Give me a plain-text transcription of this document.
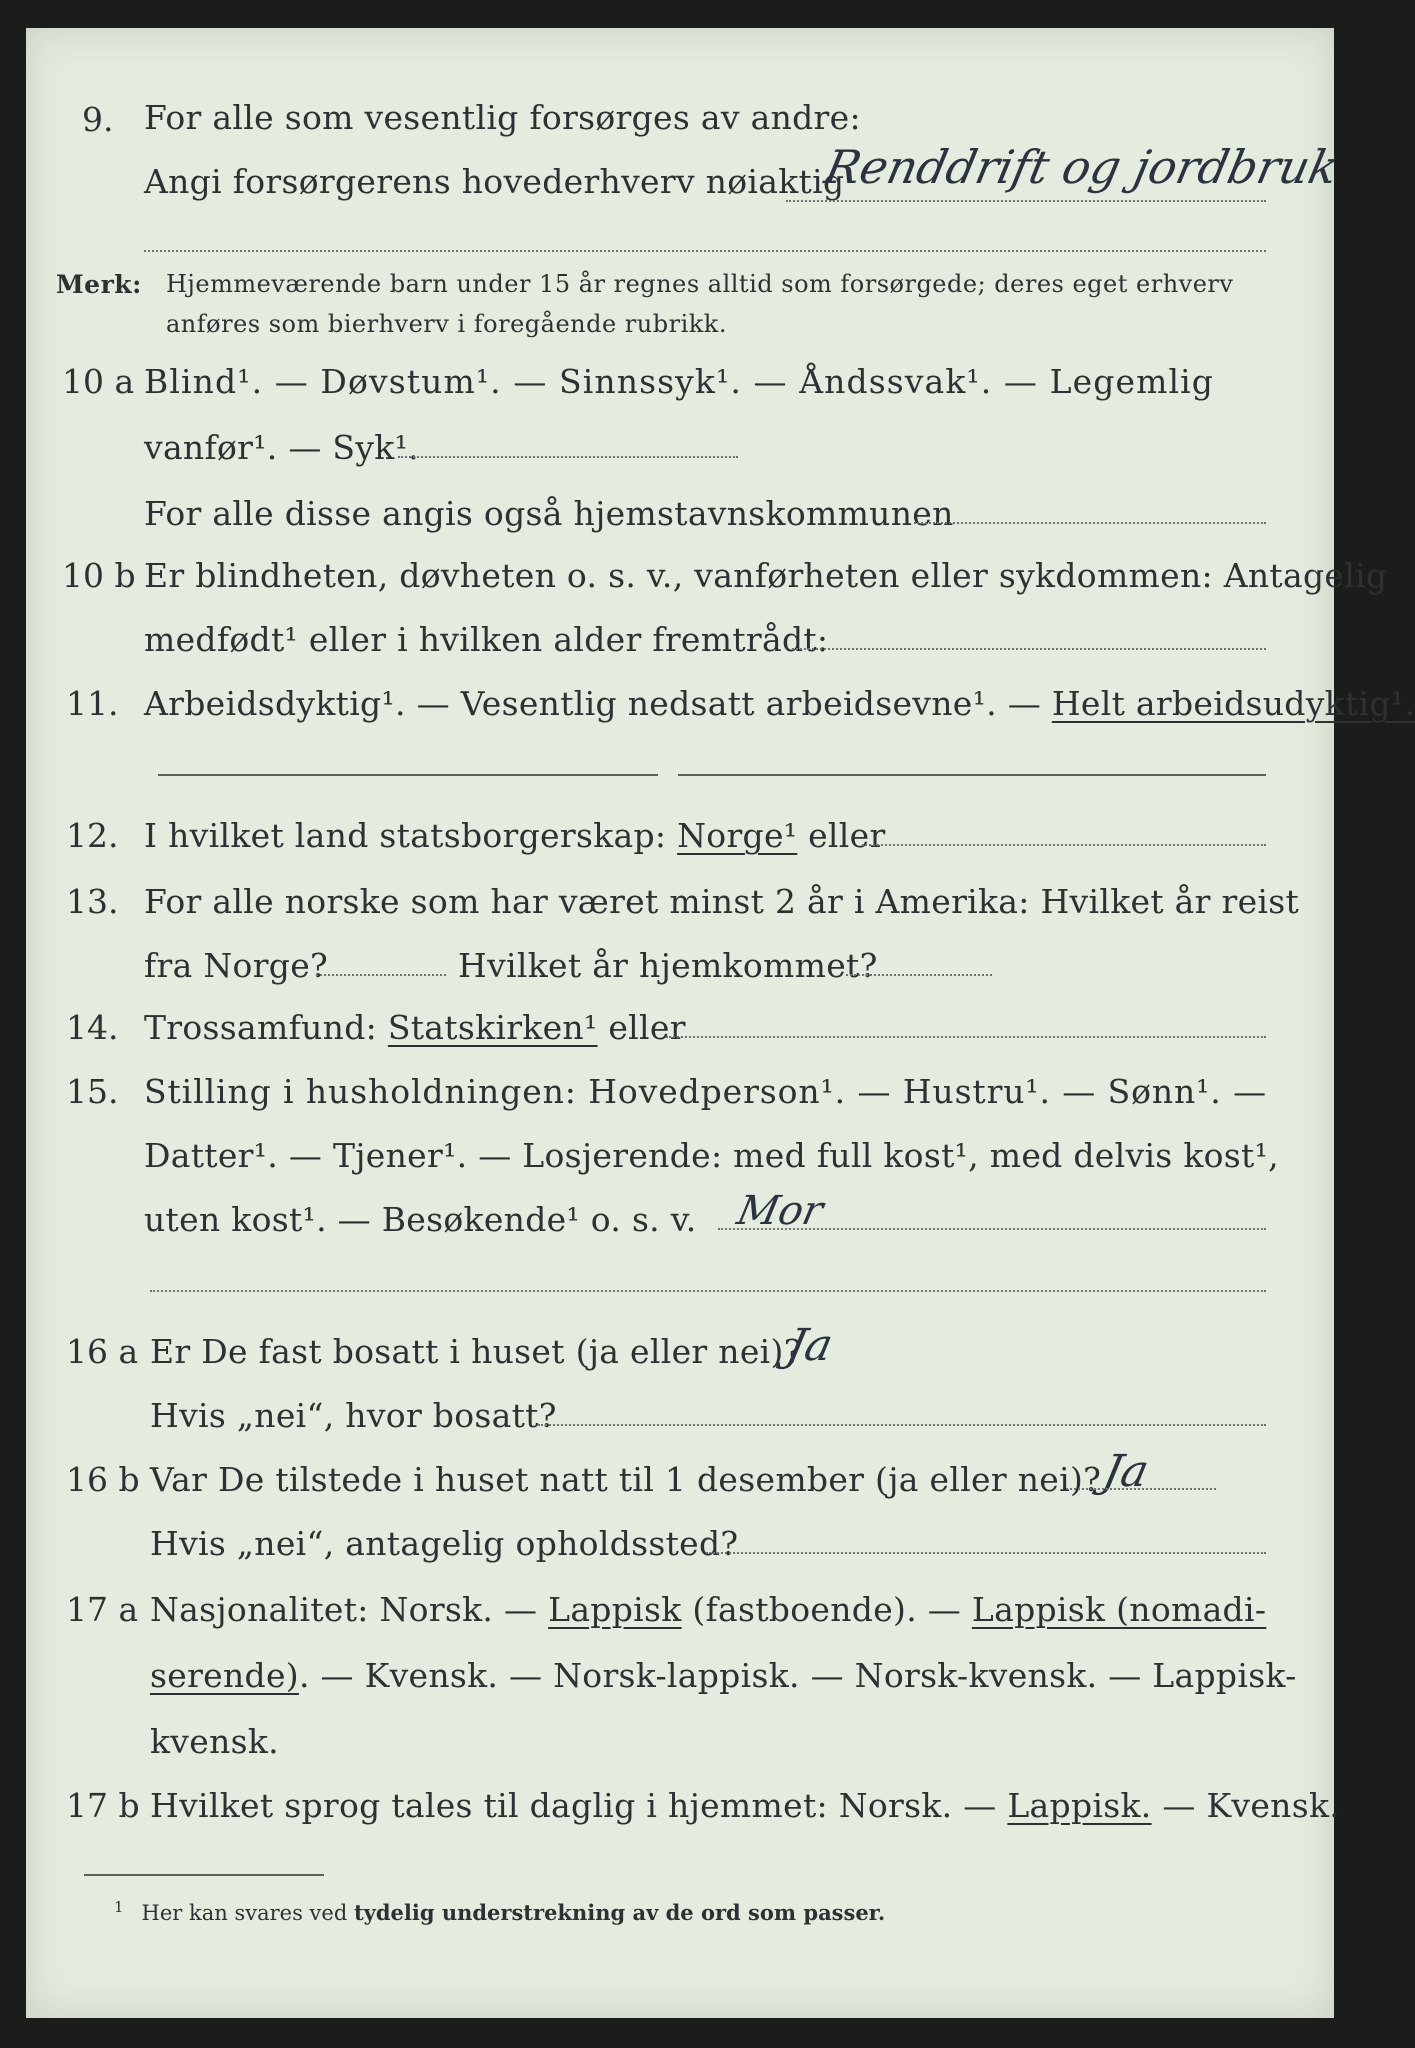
9. For alle som vesentlig forsørges av andre:
Angi forsørgerens hovederhverv nøiaktig
Renddrift og jordbruk
Merk: Hjemmeværende barn under 15 år regnes alltid som forsørgede; deres eget erhverv
anføres som bierhverv i foregående rubrikk.
10 a Blind¹. — Døvstum¹. — Sinnssyk¹. — Åndssvak¹. — Legemlig
vanfør¹. — Syk¹.
For alle disse angis også hjemstavnskommunen
10 b Er blindheten, døvheten o. s. v., vanførheten eller sykdommen: Antagelig
medfødt¹ eller i hvilken alder fremtrådt:
11. Arbeidsdyktig¹. — Vesentlig nedsatt arbeidsevne¹. — Helt arbeidsudyktig¹.
12. I hvilket land statsborgerskap: Norge¹ eller
13. For alle norske som har været minst 2 år i Amerika: Hvilket år reist
fra Norge?	Hvilket år hjemkommet?
14. Trossamfund: Statskirken¹ eller
15. Stilling i husholdningen: Hovedperson¹. — Hustru¹. — Sønn¹. —
Datter¹. — Tjener¹. — Losjerende: med full kost¹, med delvis kost¹,
uten kost¹. — Besøkende¹ o. s. v. Mor
16 a Er De fast bosatt i huset (ja eller nei)?
Ja
Hvis „nei“, hvor bosatt?
16 b Var De tilstede i huset natt til 1 desember (ja eller nei)?
Ja
Hvis „nei“, antagelig opholdssted?
17 a Nasjonalitet: Norsk. — Lappisk (fastboende). — Lappisk (nomadi-
serende). — Kvensk. — Norsk-lappisk. — Norsk-kvensk. — Lappisk-
kvensk.
17 b Hvilket sprog tales til daglig i hjemmet: Norsk. — Lappisk. — Kvensk.
$^1$ Her kan svares ved tydelig understrekning av de ord som passer.
